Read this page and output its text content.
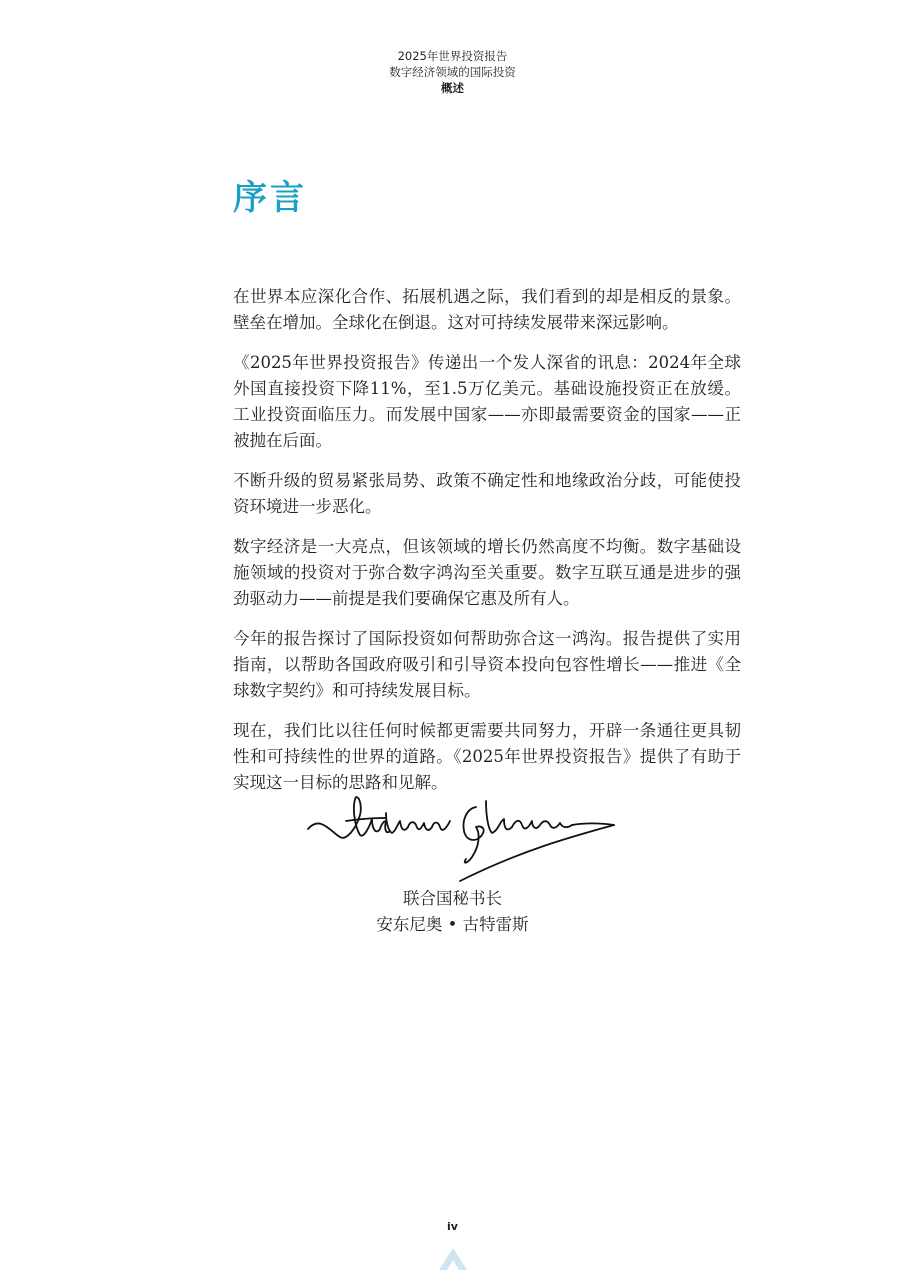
2025年世界投资报告
数字经济领域的国际投资
概述
序言

在世界本应深化合作、拓展机遇之际，我们看到的却是相反的景象。壁垒在增加。全球化在倒退。这对可持续发展带来深远影响。

《2025年世界投资报告》传递出一个发人深省的讯息：2024年全球外国直接投资下降11%，至1.5万亿美元。基础设施投资正在放缓。工业投资面临压力。而发展中国家——亦即最需要资金的国家——正被抛在后面。

不断升级的贸易紧张局势、政策不确定性和地缘政治分歧，可能使投资环境进一步恶化。

数字经济是一大亮点，但该领域的增长仍然高度不均衡。数字基础设施领域的投资对于弥合数字鸿沟至关重要。数字互联互通是进步的强劲驱动力——前提是我们要确保它惠及所有人。

今年的报告探讨了国际投资如何帮助弥合这一鸿沟。报告提供了实用指南，以帮助各国政府吸引和引导资本投向包容性增长——推进《全球数字契约》和可持续发展目标。

现在，我们比以往任何时候都更需要共同努力，开辟一条通往更具韧性和可持续性的世界的道路。《2025年世界投资报告》提供了有助于实现这一目标的思路和见解。

联合国秘书长
安东尼奥 • 古特雷斯
iv
